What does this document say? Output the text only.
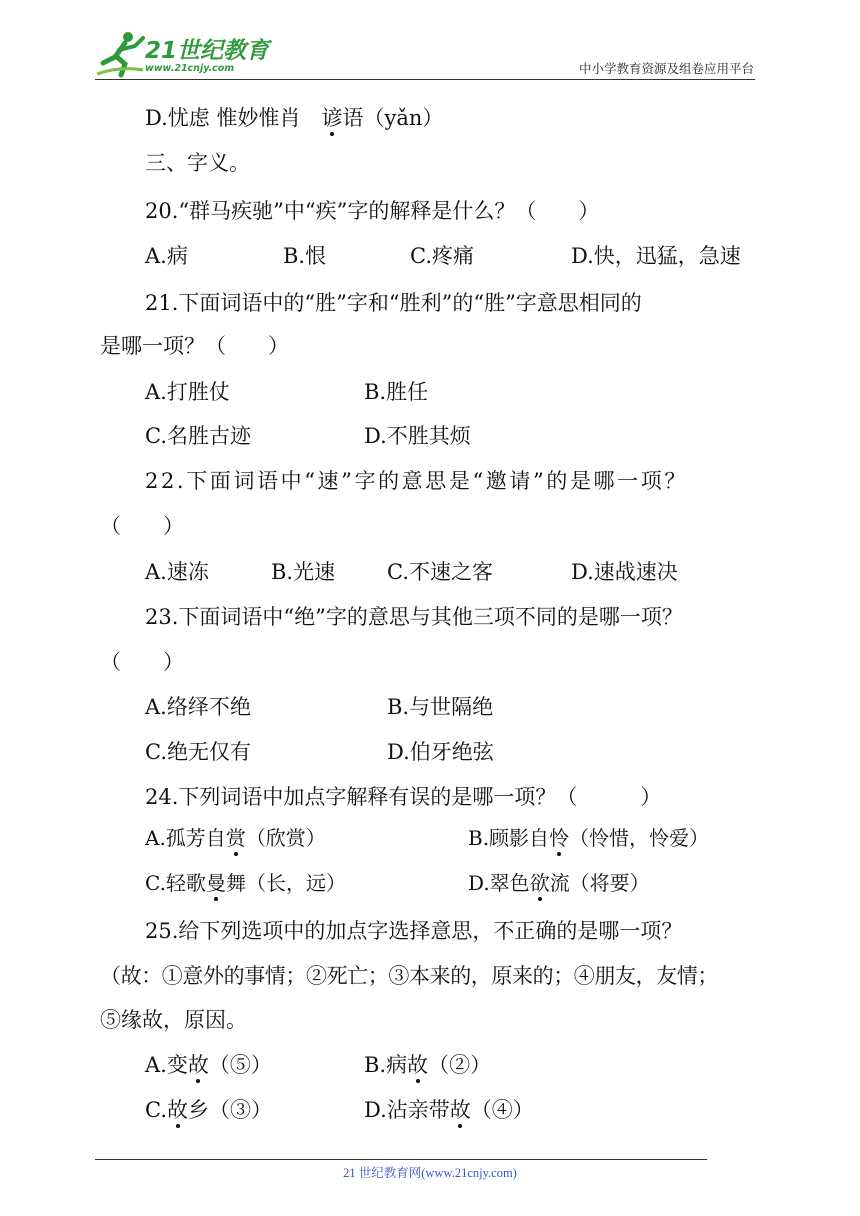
21世纪教育
www.21cnjy.com	中小学教育资源及组卷应用平台
D.忧虑 惟妙惟肖　谚语（yǎn）
三、字义。
20.“群马疾驰”中“疾”字的解释是什么？（　　）
A.病	B.恨	C.疼痛	D.快，迅猛，急速
21.下面词语中的“胜”字和“胜利”的“胜”字意思相同的
是哪一项？（　　）
A.打胜仗	B.胜任
C.名胜古迹	D.不胜其烦
22.下面词语中“速”字的意思是“邀请”的是哪一项？
（　　）
A.速冻	B.光速 C.不速之客	D.速战速决
23.下面词语中“绝”字的意思与其他三项不同的是哪一项？
（　　）
A.络绎不绝	B.与世隔绝
C.绝无仅有	D.伯牙绝弦
24.下列词语中加点字解释有误的是哪一项？（　　　）
A.孤芳自赏（欣赏）	B.顾影自怜（怜惜，怜爱）
C.轻歌曼舞（长，远）	D.翠色欲流（将要）
25.给下列选项中的加点字选择意思，不正确的是哪一项？
（故：①意外的事情；②死亡；③本来的，原来的；④朋友，友情；
⑤缘故，原因。
A.变故（⑤）	B.病故（②）
C.故乡（③）	D.沾亲带故（④）
21 世纪教育网(www.21cnjy.com)
